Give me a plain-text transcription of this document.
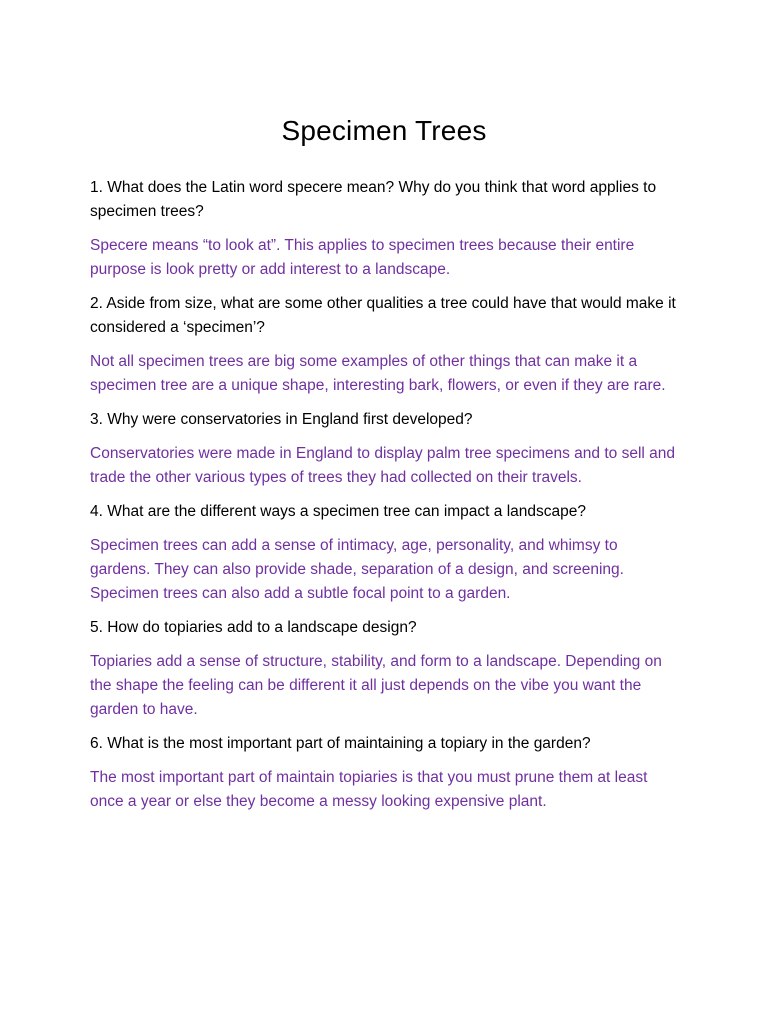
Specimen Trees

1. What does the Latin word specere mean? Why do you think that word applies to specimen trees?

Specere means “to look at”. This applies to specimen trees because their entire purpose is look pretty or add interest to a landscape.

2. Aside from size, what are some other qualities a tree could have that would make it considered a ‘specimen’?

Not all specimen trees are big some examples of other things that can make it a specimen tree are a unique shape, interesting bark, flowers, or even if they are rare.

3. Why were conservatories in England first developed?

Conservatories were made in England to display palm tree specimens and to sell and trade the other various types of trees they had collected on their travels.

4. What are the different ways a specimen tree can impact a landscape?

Specimen trees can add a sense of intimacy, age, personality, and whimsy to gardens. They can also provide shade, separation of a design, and screening. Specimen trees can also add a subtle focal point to a garden.

5. How do topiaries add to a landscape design?

Topiaries add a sense of structure, stability, and form to a landscape. Depending on the shape the feeling can be different it all just depends on the vibe you want the garden to have.

6. What is the most important part of maintaining a topiary in the garden?

The most important part of maintain topiaries is that you must prune them at least once a year or else they become a messy looking expensive plant.
